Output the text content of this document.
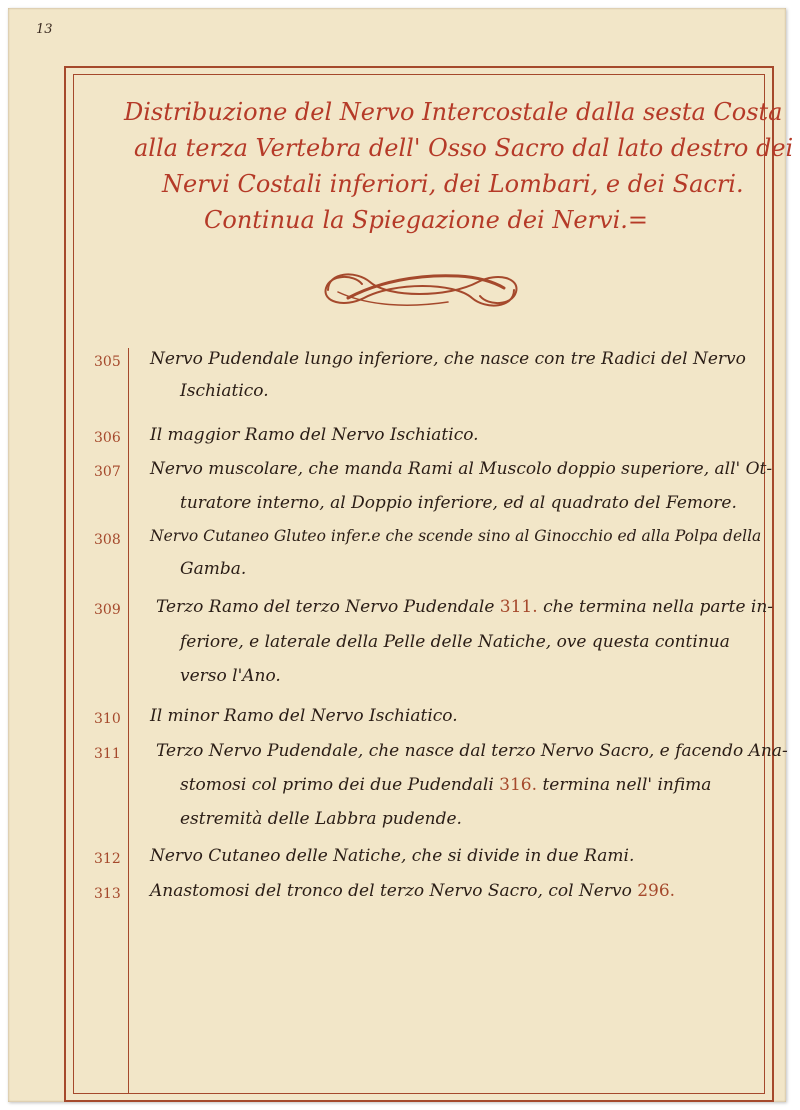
13
Distribuzione del Nervo Intercostale dalla sesta Costa
alla terza Vertebra dell' Osso Sacro dal lato destro dei
Nervi Costali inferiori, dei Lombari, e dei Sacri.
Continua la Spiegazione dei Nervi.=
305	Nervo Pudendale lungo inferiore, che nasce con tre Radici del Nervo
Ischiatico.
306	Il maggior Ramo del Nervo Ischiatico.
307	Nervo muscolare, che manda Rami al Muscolo doppio superiore, all' Ot-
turatore interno, al Doppio inferiore, ed al quadrato del Femore.
308	Nervo Cutaneo Gluteo infer.e che scende sino al Ginocchio ed alla Polpa della
Gamba.
309	Terzo Ramo del terzo Nervo Pudendale 311. che termina nella parte in-
feriore, e laterale della Pelle delle Natiche, ove questa continua
verso l'Ano.
310	Il minor Ramo del Nervo Ischiatico.
311	Terzo Nervo Pudendale, che nasce dal terzo Nervo Sacro, e facendo Ana-
stomosi col primo dei due Pudendali 316. termina nell' infima
estremità delle Labbra pudende.
312	Nervo Cutaneo delle Natiche, che si divide in due Rami.
313	Anastomosi del tronco del terzo Nervo Sacro, col Nervo 296.
